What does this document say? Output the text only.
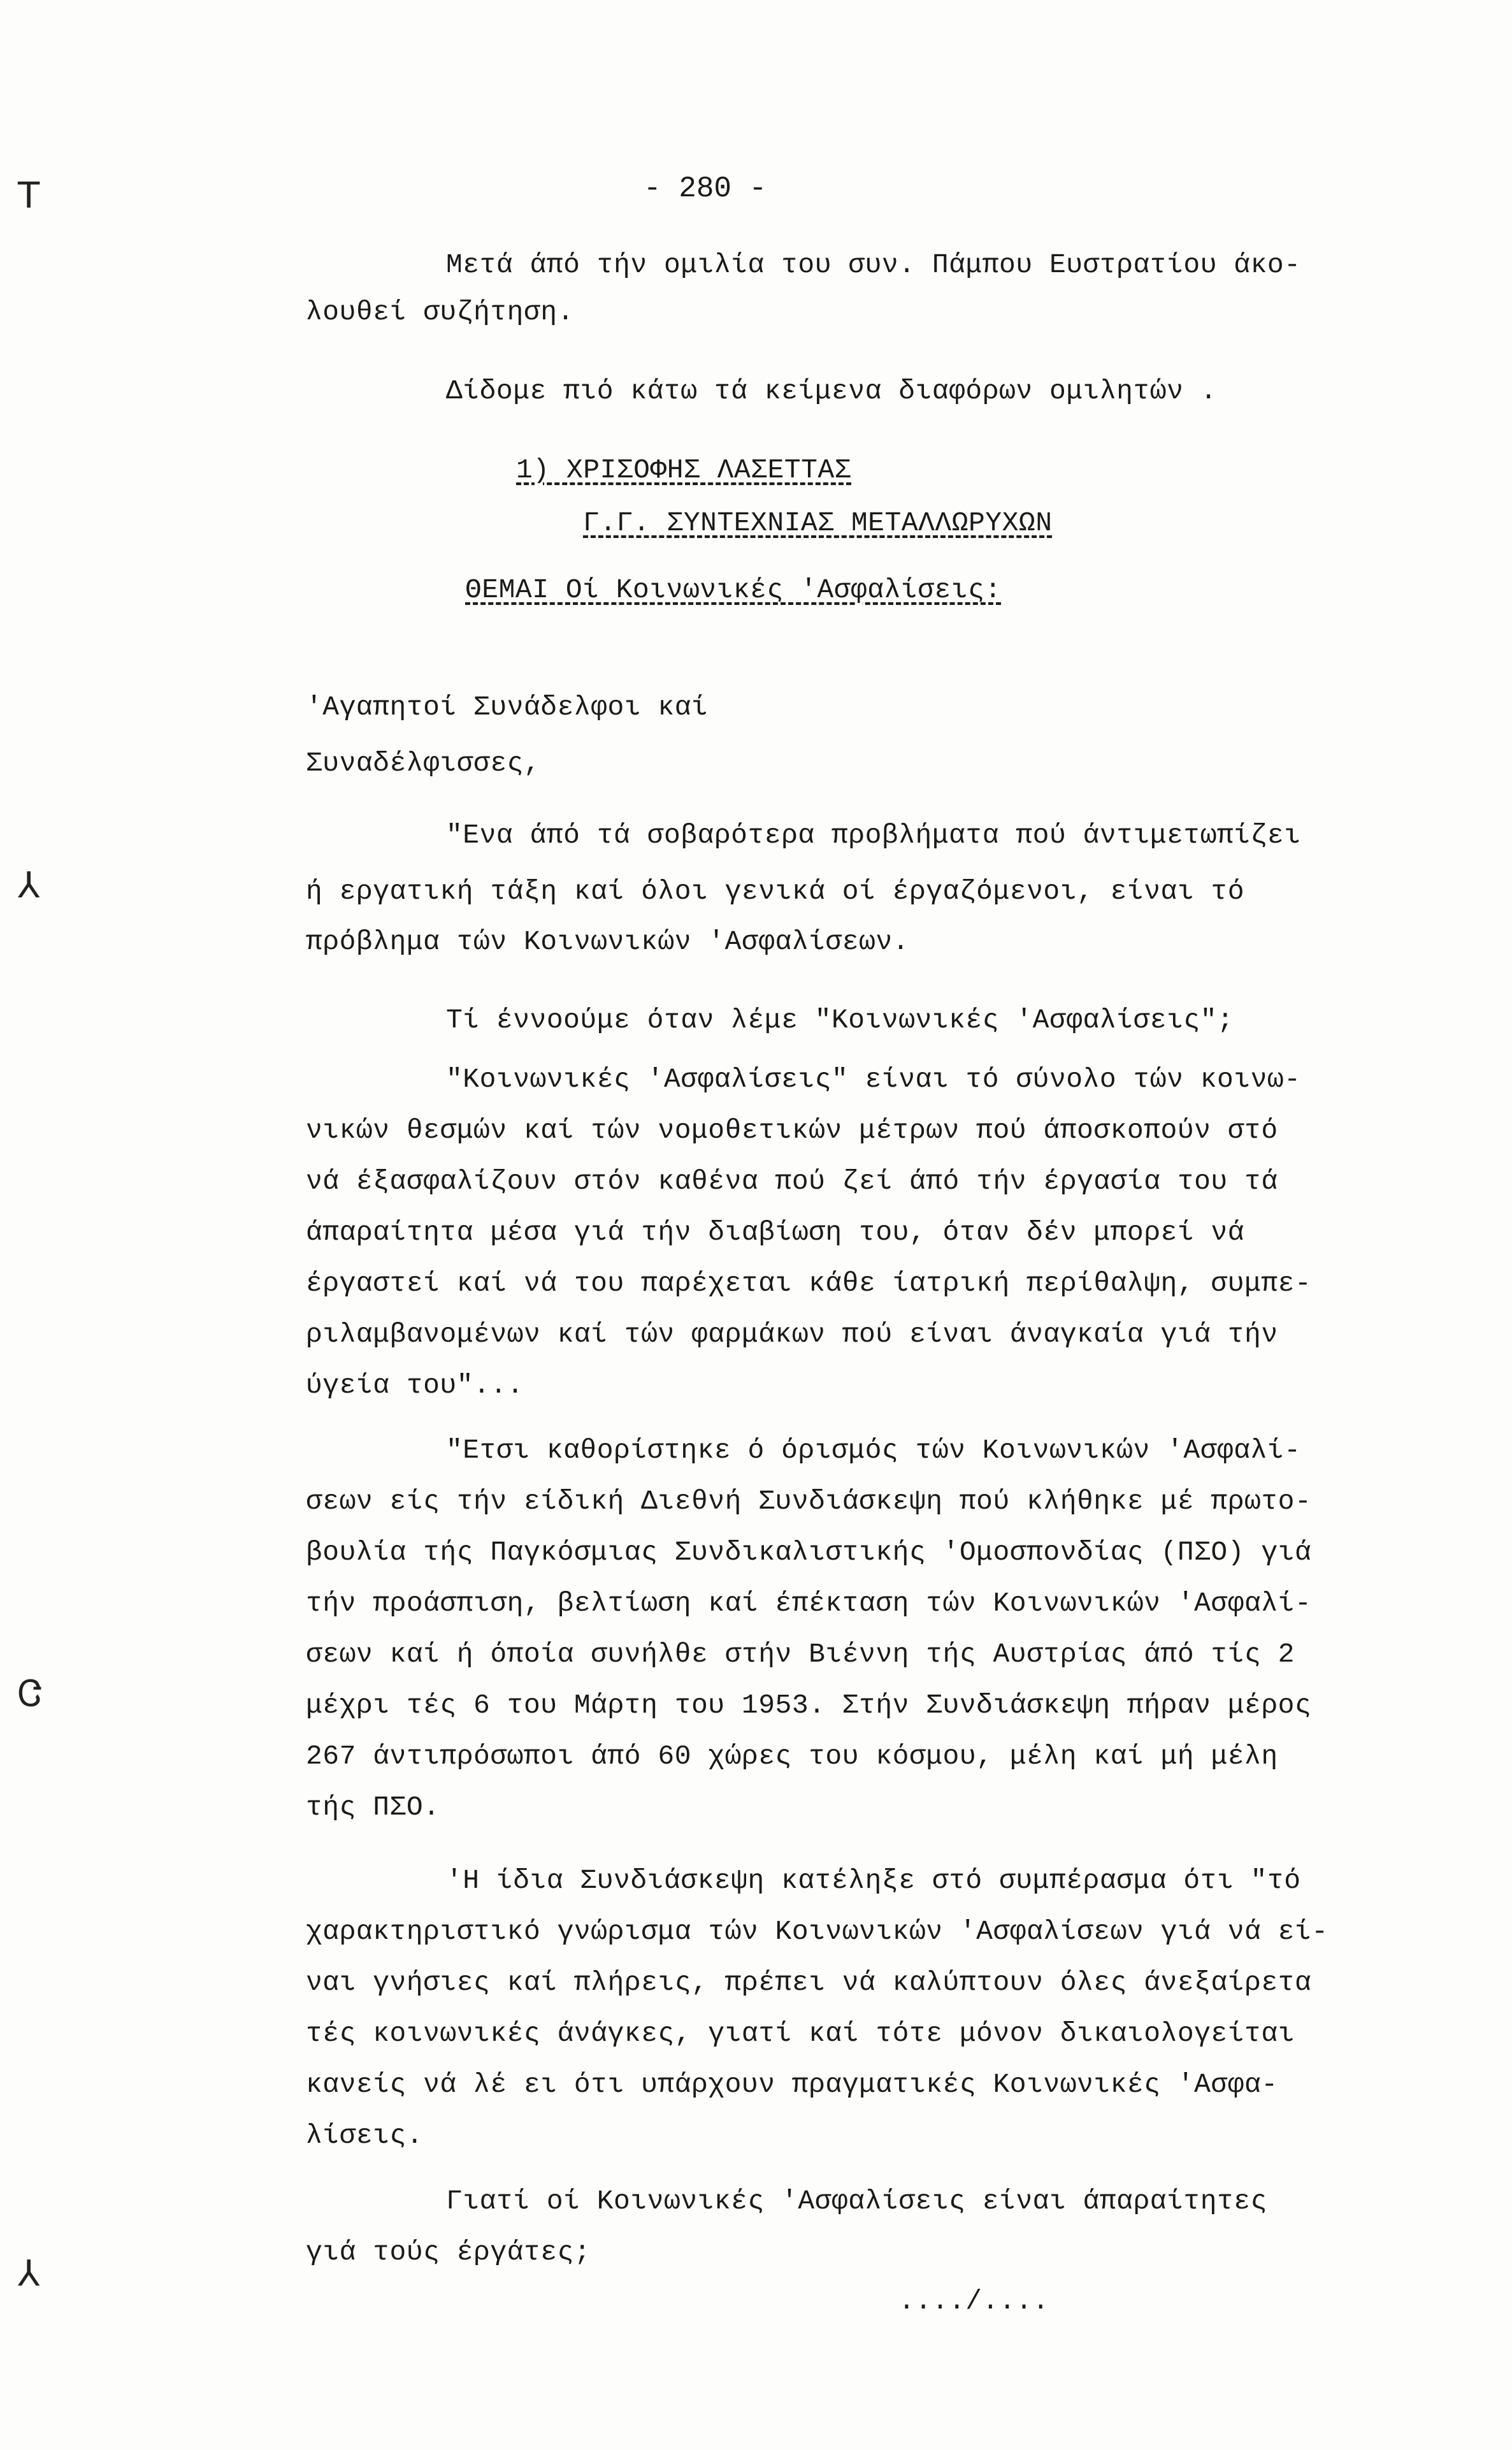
- 280 -
Τ
⅄
Ꮳ
⅄
Μετά άπό τήν ομιλία του συν. Πάμπου Ευστρατίου άκο-
λουθεί συζήτηση.
Δίδομε πιό κάτω τά κείμενα διαφόρων ομιλητών .
1) ΧΡΙΣΟΦΗΣ ΛΑΣΕΤΤΑΣ
Γ.Γ. ΣΥΝΤΕΧΝΙΑΣ ΜΕΤΑΛΛΩΡΥΧΩΝ
ΘΕΜΑΙ Οί Κοινωνικές 'Ασφαλίσεις:
'Αγαπητοί Συνάδελφοι καί
Συναδέλφισσες,
"Ενα άπό τά σοβαρότερα προβλήματα πού άντιμετωπίζει
ή εργατική τάξη καί όλοι γενικά οί έργαζόμενοι, είναι τό
πρόβλημα τών Κοινωνικών 'Ασφαλίσεων.
Τί έννοούμε όταν λέμε "Κοινωνικές 'Ασφαλίσεις";
"Κοινωνικές 'Ασφαλίσεις" είναι τό σύνολο τών κοινω-
νικών θεσμών καί τών νομοθετικών μέτρων πού άποσκοπούν στό
νά έξασφαλίζουν στόν καθένα πού ζεί άπό τήν έργασία του τά
άπαραίτητα μέσα γιά τήν διαβίωση του, όταν δέν μπορεί νά
έργαστεί καί νά του παρέχεται κάθε ίατρική περίθαλψη, συμπε-
ριλαμβανομένων καί τών φαρμάκων πού είναι άναγκαία γιά τήν
ύγεία του"...
"Ετσι καθορίστηκε ό όρισμός τών Κοινωνικών 'Ασφαλί-
σεων είς τήν είδική Διεθνή Συνδιάσκεψη πού κλήθηκε μέ πρωτο-
βουλία τής Παγκόσμιας Συνδικαλιστικής 'Ομοσπονδίας (ΠΣΟ) γιά
τήν προάσπιση, βελτίωση καί έπέκταση τών Κοινωνικών 'Ασφαλί-
σεων καί ή όποία συνήλθε στήν Βιέννη τής Αυστρίας άπό τίς 2
μέχρι τές 6 του Μάρτη του 1953. Στήν Συνδιάσκεψη πήραν μέρος
267 άντιπρόσωποι άπό 60 χώρες του κόσμου, μέλη καί μή μέλη
τής ΠΣΟ.
'Η ίδια Συνδιάσκεψη κατέληξε στό συμπέρασμα ότι "τό
χαρακτηριστικό γνώρισμα τών Κοινωνικών 'Ασφαλίσεων γιά νά εί-
ναι γνήσιες καί πλήρεις, πρέπει νά καλύπτουν όλες άνεξαίρετα
τές κοινωνικές άνάγκες, γιατί καί τότε μόνον δικαιολογείται
κανείς νά λέ ει ότι υπάρχουν πραγματικές Κοινωνικές 'Ασφα-
λίσεις.
Γιατί οί Κοινωνικές 'Ασφαλίσεις είναι άπαραίτητες
γιά τούς έργάτες;
..../....
